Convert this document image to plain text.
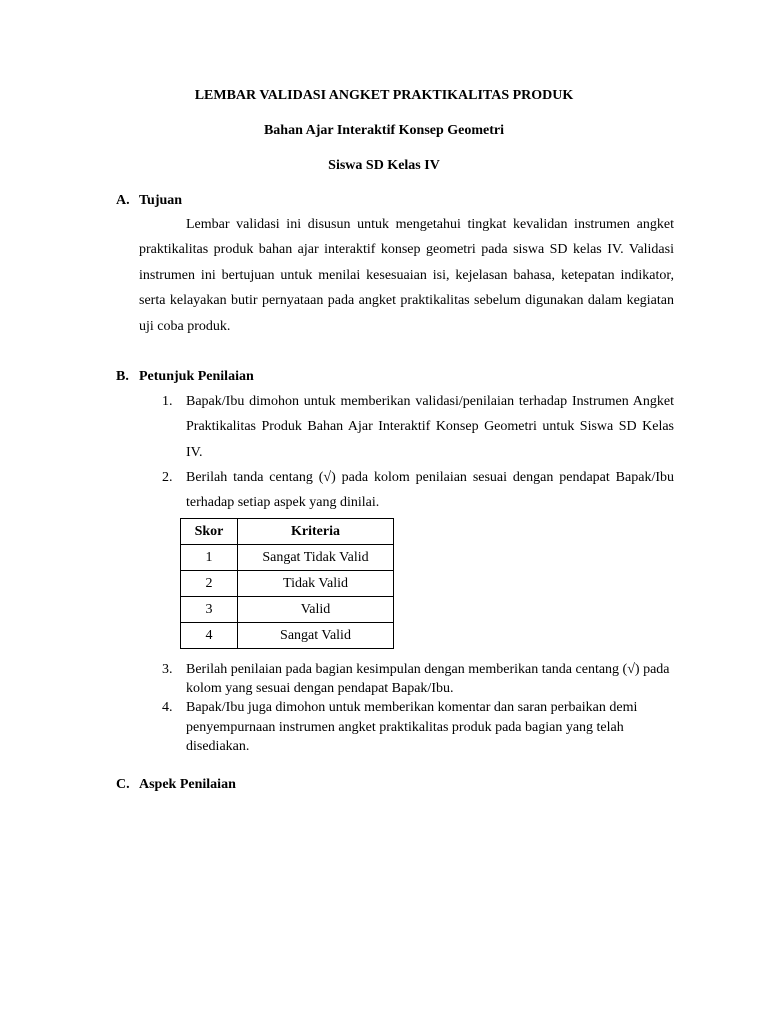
LEMBAR VALIDASI ANGKET PRAKTIKALITAS PRODUK
Bahan Ajar Interaktif Konsep Geometri
Siswa SD Kelas IV
A. Tujuan
Lembar validasi ini disusun untuk mengetahui tingkat kevalidan instrumen angket praktikalitas produk bahan ajar interaktif konsep geometri pada siswa SD kelas IV. Validasi instrumen ini bertujuan untuk menilai kesesuaian isi, kejelasan bahasa, ketepatan indikator, serta kelayakan butir pernyataan pada angket praktikalitas sebelum digunakan dalam kegiatan uji coba produk.
B. Petunjuk Penilaian
1. Bapak/Ibu dimohon untuk memberikan validasi/penilaian terhadap Instrumen Angket Praktikalitas Produk Bahan Ajar Interaktif Konsep Geometri untuk Siswa SD Kelas IV.
2. Berilah tanda centang (√) pada kolom penilaian sesuai dengan pendapat Bapak/Ibu terhadap setiap aspek yang dinilai.
Skor	Kriteria
1	Sangat Tidak Valid
2	Tidak Valid
3	Valid
4	Sangat Valid
3. Berilah penilaian pada bagian kesimpulan dengan memberikan tanda centang (√) pada kolom yang sesuai dengan pendapat Bapak/Ibu.
4. Bapak/Ibu juga dimohon untuk memberikan komentar dan saran perbaikan demi penyempurnaan instrumen angket praktikalitas produk pada bagian yang telah disediakan.
C. Aspek Penilaian
